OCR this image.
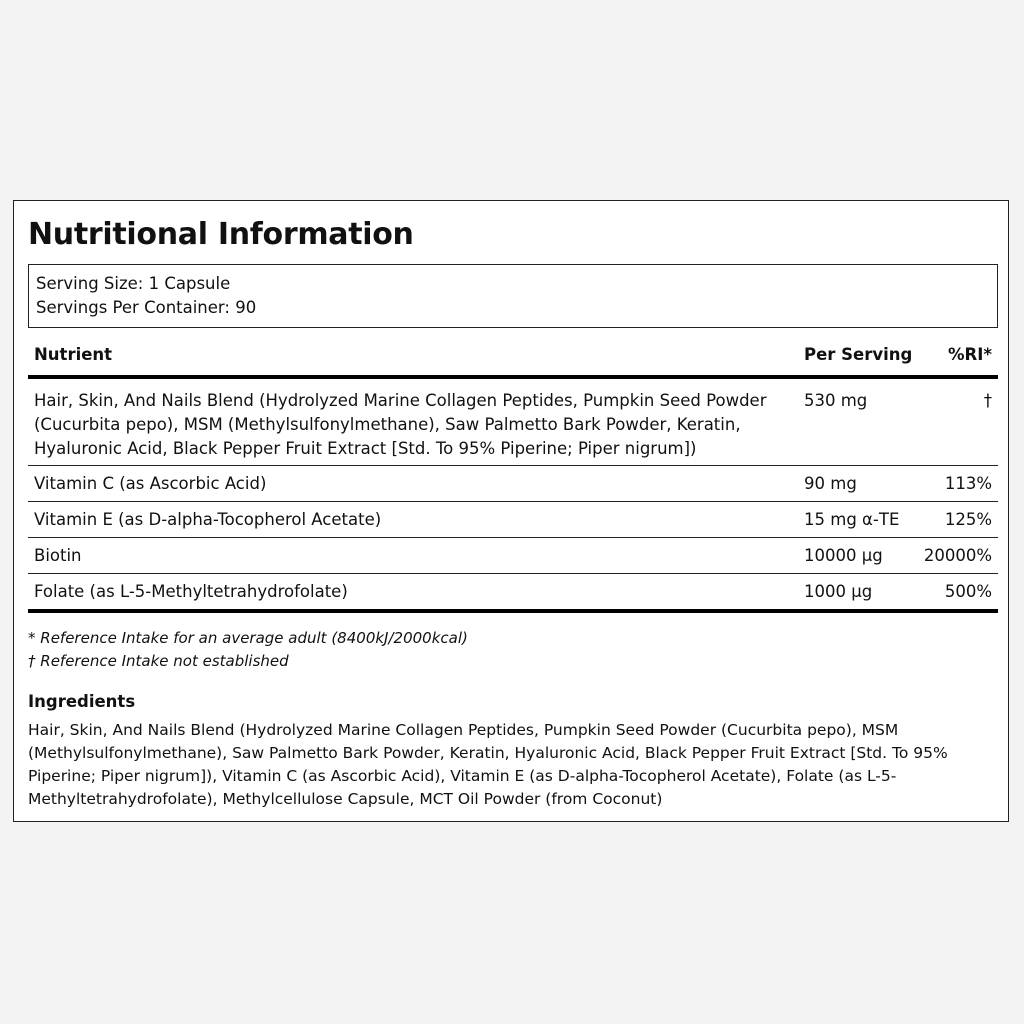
Nutritional Information
Serving Size: 1 Capsule
Servings Per Container: 90
Nutrient	Per Serving	%RI*
Hair, Skin, And Nails Blend (Hydrolyzed Marine Collagen Peptides, Pumpkin Seed Powder (Cucurbita pepo), MSM (Methylsulfonylmethane), Saw Palmetto Bark Powder, Keratin, Hyaluronic Acid, Black Pepper Fruit Extract [Std. To 95% Piperine; Piper nigrum])	530 mg	†
Vitamin C (as Ascorbic Acid)	90 mg	113%
Vitamin E (as D-alpha-Tocopherol Acetate)	15 mg α-TE	125%
Biotin	10000 µg	20000%
Folate (as L-5-Methyltetrahydrofolate)	1000 µg	500%
* Reference Intake for an average adult (8400kJ/2000kcal)
† Reference Intake not established
Ingredients

Hair, Skin, And Nails Blend (Hydrolyzed Marine Collagen Peptides, Pumpkin Seed Powder (Cucurbita pepo), MSM (Methylsulfonylmethane), Saw Palmetto Bark Powder, Keratin, Hyaluronic Acid, Black Pepper Fruit Extract [Std. To 95% Piperine; Piper nigrum]), Vitamin C (as Ascorbic Acid), Vitamin E (as D-alpha-Tocopherol Acetate), Folate (as L-5-Methyltetrahydrofolate), Methylcellulose Capsule, MCT Oil Powder (from Coconut)
